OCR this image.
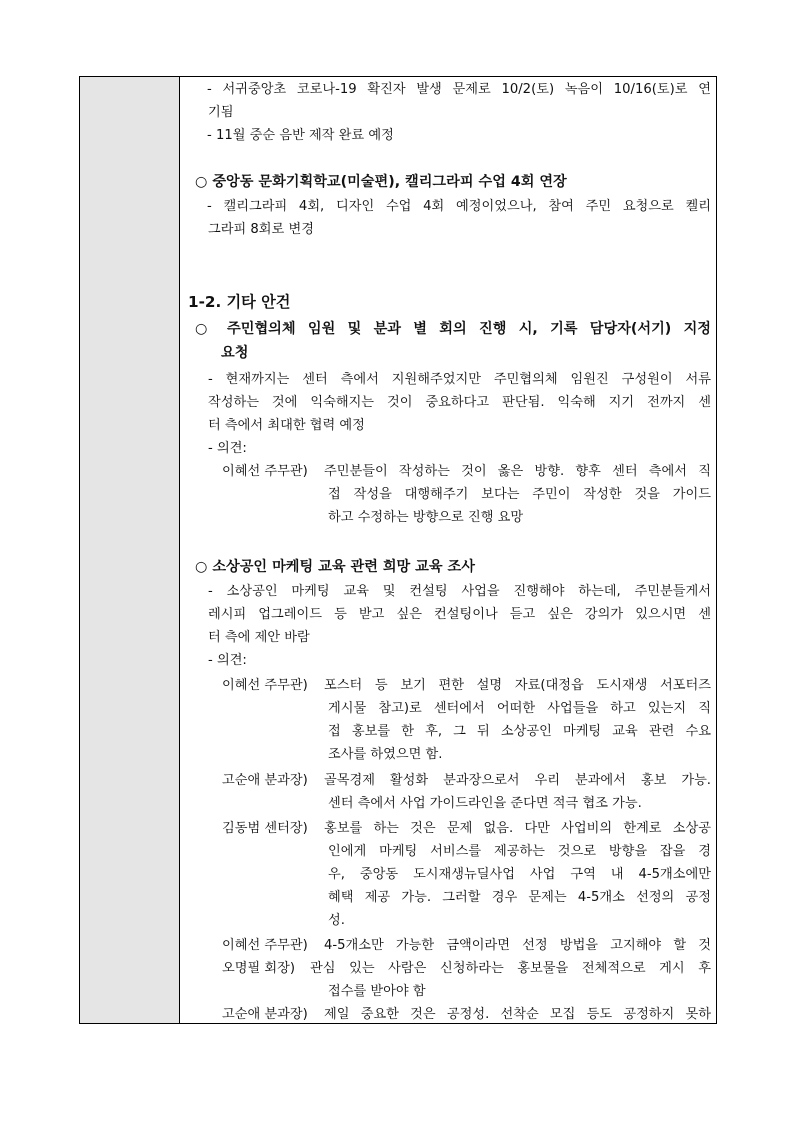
- 서귀중앙초 코로나-19 확진자 발생 문제로 10/2(토) 녹음이 10/16(토)로 연
기됨
- 11월 중순 음반 제작 완료 예정
○ 중앙동 문화기획학교(미술편), 캘리그라피 수업 4회 연장
- 캘리그라피 4회, 디자인 수업 4회 예정이었으나, 참여 주민 요청으로 켈리
그라피 8회로 변경
1-2. 기타 안건
○ 주민협의체 임원 및 분과 별 회의 진행 시, 기록 담당자(서기) 지정
요청
- 현재까지는 센터 측에서 지원해주었지만 주민협의체 임원진 구성원이 서류
작성하는 것에 익숙해지는 것이 중요하다고 판단됨. 익숙해 지기 전까지 센
터 측에서 최대한 협력 예정
- 의견:
이혜선 주무관) 주민분들이 작성하는 것이 옳은 방향. 향후 센터 측에서 직
접 작성을 대행해주기 보다는 주민이 작성한 것을 가이드
하고 수정하는 방향으로 진행 요망
○ 소상공인 마케팅 교육 관련 희망 교육 조사
- 소상공인 마케팅 교육 및 컨설팅 사업을 진행해야 하는데, 주민분들게서
레시피 업그레이드 등 받고 싶은 컨설팅이나 듣고 싶은 강의가 있으시면 센
터 측에 제안 바람
- 의견:
이혜선 주무관) 포스터 등 보기 편한 설명 자료(대정읍 도시재생 서포터즈
게시물 참고)로 센터에서 어떠한 사업들을 하고 있는지 직
접 홍보를 한 후, 그 뒤 소상공인 마케팅 교육 관련 수요
조사를 하였으면 함.
고순애 분과장) 골목경제 활성화 분과장으로서 우리 분과에서 홍보 가능.
센터 측에서 사업 가이드라인을 준다면 적극 협조 가능.
김동범 센터장) 홍보를 하는 것은 문제 없음. 다만 사업비의 한계로 소상공
인에게 마케팅 서비스를 제공하는 것으로 방향을 잡을 경
우, 중앙동 도시재생뉴딜사업 사업 구역 내 4-5개소에만
혜택 제공 가능. 그러할 경우 문제는 4-5개소 선정의 공정
성.
이혜선 주무관) 4-5개소만 가능한 금액이라면 선정 방법을 고지해야 할 것
오명필 회장) 관심 있는 사람은 신청하라는 홍보물을 전체적으로 게시 후
접수를 받아야 함
고순애 분과장) 제일 중요한 것은 공정성. 선착순 모집 등도 공정하지 못하
